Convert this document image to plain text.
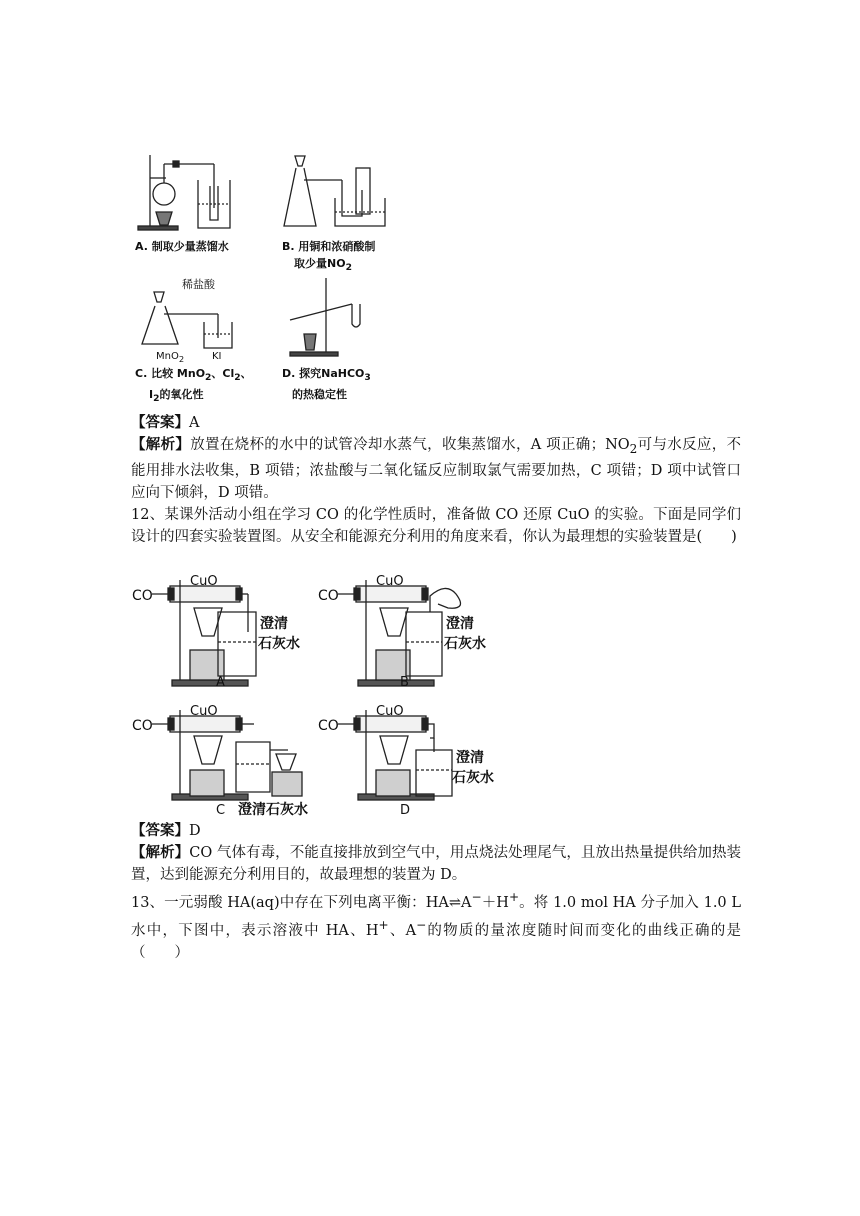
A. 制取少量蒸馏水	B. 用铜和浓硝酸制
取少量$NO_2$
稀盐酸
MnO$_2$	KI
C. 比较 MnO$_2$、$Cl_2$、
$I_2$的氧化性
D. 探究NaHCO$_3$
的热稳定性

【答案】A

【解析】放置在烧杯的水中的试管冷却水蒸气，收集蒸馏水，A 项正确；$NO_2$可与水反应，不能用排水法收集，B 项错；浓盐酸与二氧化锰反应制取氯气需要加热，C 项错；D 项中试管口应向下倾斜，D 项错。

12、某课外活动小组在学习 CO 的化学性质时，准备做 CO 还原 CuO 的实验。下面是同学们设计的四套实验装置图。从安全和能源充分利用的角度来看，你认为最理想的实验装置是(　　)

CO
CuO
澄清
石灰水
A
CO
CuO
澄清
石灰水
B
CO
CuO
C 澄清石灰水
CO
CuO
澄清
石灰水
D

【答案】D

【解析】CO 气体有毒，不能直接排放到空气中，用点烧法处理尾气，且放出热量提供给加热装置，达到能源充分利用目的，故最理想的装置为 D。

13、一元弱酸 HA(aq)中存在下列电离平衡：HA⇌A−＋H+。将 1.0 mol HA 分子加入 1.0 L 水中，下图中，表示溶液中 HA、H+、A−的物质的量浓度随时间而变化的曲线正确的是（　　）
